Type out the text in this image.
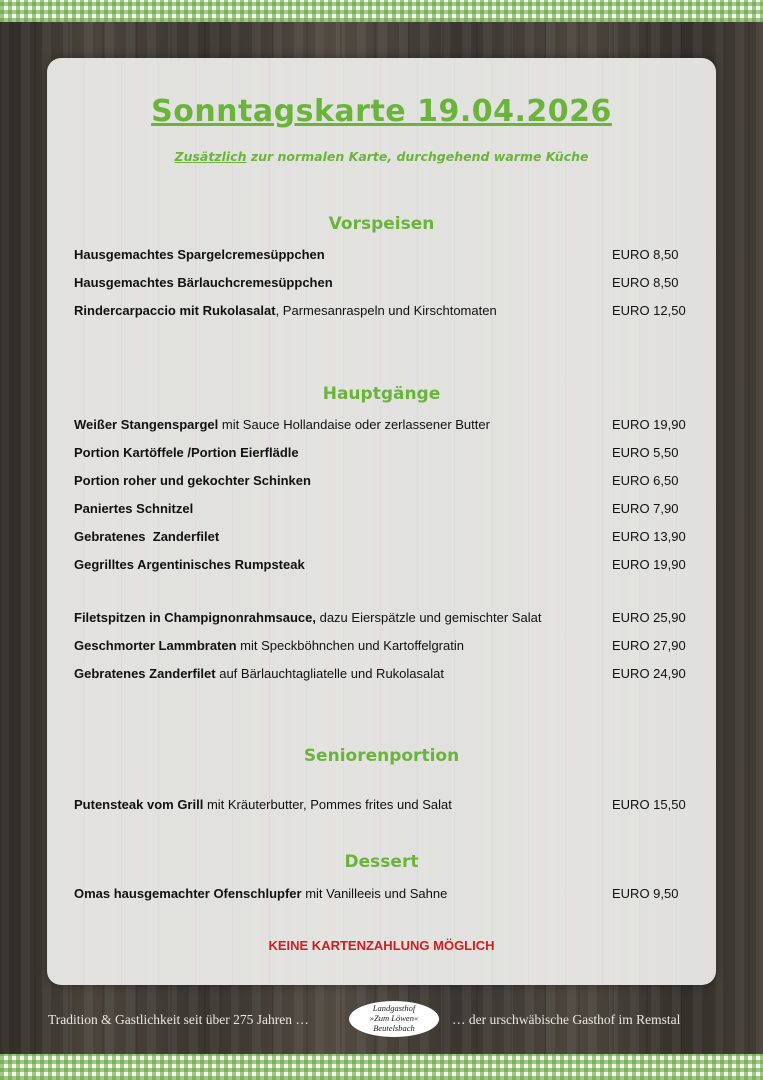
Sonntagskarte 19.04.2026

Zusätzlich zur normalen Karte, durchgehend warme Küche

Vorspeisen
Hausgemachtes Spargelcremesüppchen	EURO 8,50
Hausgemachtes Bärlauchcremesüppchen	EURO 8,50
Rindercarpaccio mit Rukolasalat, Parmesanraspeln und Kirschtomaten	EURO 12,50
Hauptgänge
Weißer Stangenspargel mit Sauce Hollandaise oder zerlassener Butter	EURO 19,90
Portion Kartöffele /Portion Eierflädle	EURO 5,50
Portion roher und gekochter Schinken	EURO 6,50
Paniertes Schnitzel	EURO 7,90
Gebratenes  Zanderfilet	EURO 13,90
Gegrilltes Argentinisches Rumpsteak	EURO 19,90
Filetspitzen in Champignonrahmsauce, dazu Eierspätzle und gemischter Salat	EURO 25,90
Geschmorter Lammbraten mit Speckböhnchen und Kartoffelgratin	EURO 27,90
Gebratenes Zanderfilet auf Bärlauchtagliatelle und Rukolasalat	EURO 24,90
Seniorenportion
Putensteak vom Grill mit Kräuterbutter, Pommes frites und Salat	EURO 15,50
Dessert
Omas hausgemachter Ofenschlupfer mit Vanilleeis und Sahne	EURO 9,50
KEINE KARTENZAHLUNG MÖGLICH
Tradition & Gastlichkeit seit über 275 Jahren …
Landgasthof
»Zum Löwen«
Beutelsbach
… der urschwäbische Gasthof im Remstal
